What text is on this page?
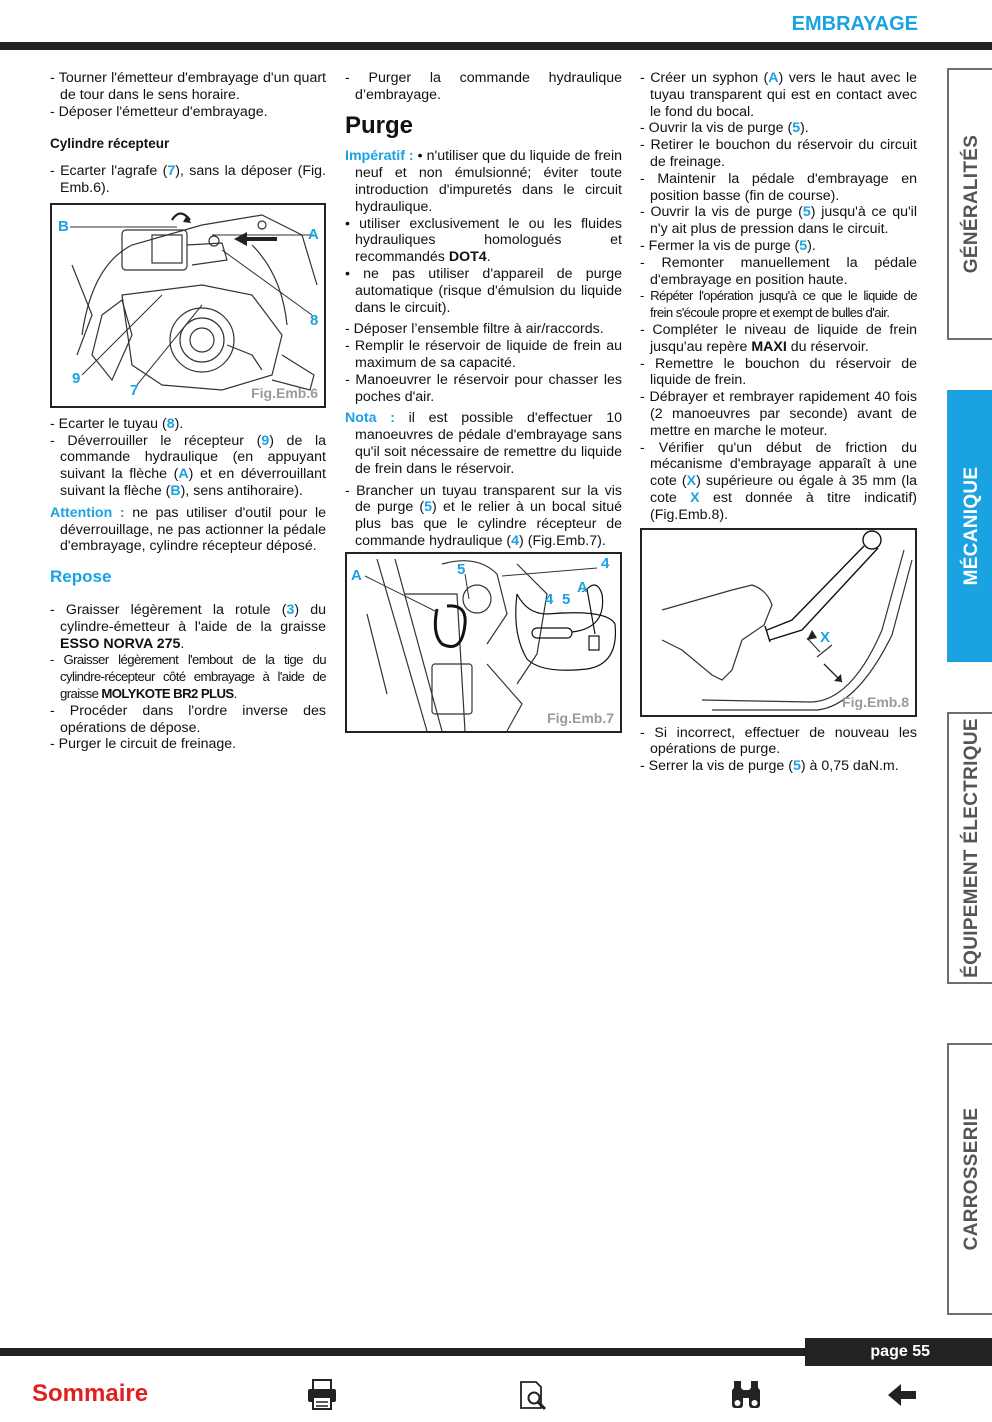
EMBRAYAGE

- Tourner l'émetteur d'embrayage d'un quart de tour dans le sens horaire.

- Déposer l'émetteur d'embrayage.

Cylindre récepteur

- Ecarter l'agrafe (7), sans la déposer (Fig. Emb.6).

B	A
8
9
7	Fig.Emb.6

- Ecarter le tuyau (8).

- Déverrouiller le récepteur (9) de la commande hydraulique (en appuyant suivant la flèche (A) et en déverrouillant suivant la flèche (B), sens antihoraire).

Attention : ne pas utiliser d'outil pour le déverrouillage, ne pas actionner la pédale d'embrayage, cylindre récepteur déposé.

Repose

- Graisser légèrement la rotule (3) du cylindre-émetteur à l'aide de la graisse ESSO NORVA 275.

- Graisser légèrement l'embout de la tige du cylindre-récepteur côté embrayage à l'aide de graisse MOLYKOTE BR2 PLUS.

- Procéder dans l'ordre inverse des opérations de dépose.

- Purger le circuit de freinage.

- Purger la commande hydraulique d’embrayage.

Purge

Impératif : • n'utiliser que du liquide de frein neuf et non émulsionné; éviter toute introduction d'impuretés dans le circuit hydraulique.

• utiliser exclusivement le ou les fluides hydrauliques homologués et recommandés DOT4.

• ne pas utiliser d'appareil de purge automatique (risque d'émulsion du liquide dans le circuit).

- Déposer l’ensemble filtre à air/raccords.

- Remplir le réservoir de liquide de frein au maximum de sa capacité.

- Manoeuvrer le réservoir pour chasser les poches d'air.

Nota : il est possible d'effectuer 10 manoeuvres de pédale d'embrayage sans qu'il soit nécessaire de remettre du liquide de frein dans le réservoir.

- Brancher un tuyau transparent sur la vis de purge (5) et le relier à un bocal situé plus bas que le cylindre récepteur de commande hydraulique (4) (Fig.Emb.7).

A	5	4
A
4 5
Fig.Emb.7

- Créer un syphon (A) vers le haut avec le tuyau transparent qui est en contact avec le fond du bocal.

- Ouvrir la vis de purge (5).

- Retirer le bouchon du réservoir du circuit de freinage.

- Maintenir la pédale d'embrayage en position basse (fin de course).

- Ouvrir la vis de purge (5) jusqu'à ce qu'il n'y ait plus de pression dans le circuit.

- Fermer la vis de purge (5).

- Remonter manuellement la pédale d'embrayage en position haute.

- Répéter l'opération jusqu'à ce que le liquide de frein s'écoule propre et exempt de bulles d'air.

- Compléter le niveau de liquide de frein jusqu'au repère MAXI du réservoir.

- Remettre le bouchon du réservoir de liquide de frein.

- Débrayer et rembrayer rapidement 40 fois (2 manoeuvres par seconde) avant de mettre en marche le moteur.

- Vérifier qu'un début de friction du mécanisme d'embrayage apparaît à une cote (X) supérieure ou égale à 35 mm (la cote X est donnée à titre indicatif) (Fig.Emb.8).

X
Fig.Emb.8

- Si incorrect, effectuer de nouveau les opérations de purge.

- Serrer la vis de purge (5) à 0,75 daN.m.

GÉNÉRALITÉS
MÉCANIQUE
ÉQUIPEMENT ÉLECTRIQUE
CARROSSERIE
page 55
Sommaire
